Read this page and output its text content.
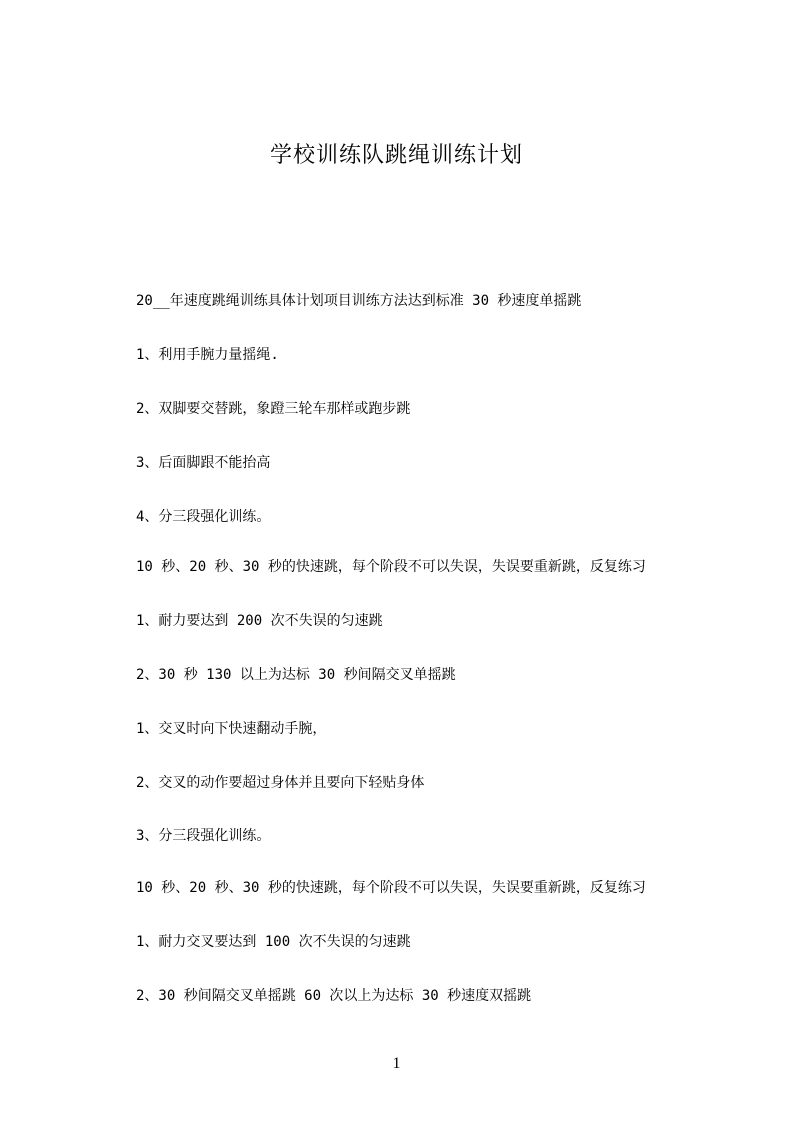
学校训练队跳绳训练计划

20__年速度跳绳训练具体计划项目训练方法达到标准 30 秒速度单摇跳

1、利用手腕力量摇绳.

2、双脚要交替跳，象蹬三轮车那样或跑步跳

3、后面脚跟不能抬高

4、分三段强化训练。

10 秒、20 秒、30 秒的快速跳，每个阶段不可以失误，失误要重新跳，反复练习

1、耐力要达到 200 次不失误的匀速跳

2、30 秒 130 以上为达标 30 秒间隔交叉单摇跳

1、交叉时向下快速翻动手腕，

2、交叉的动作要超过身体并且要向下轻贴身体

3、分三段强化训练。

10 秒、20 秒、30 秒的快速跳，每个阶段不可以失误，失误要重新跳，反复练习

1、耐力交叉要达到 100 次不失误的匀速跳

2、30 秒间隔交叉单摇跳 60 次以上为达标 30 秒速度双摇跳

1
